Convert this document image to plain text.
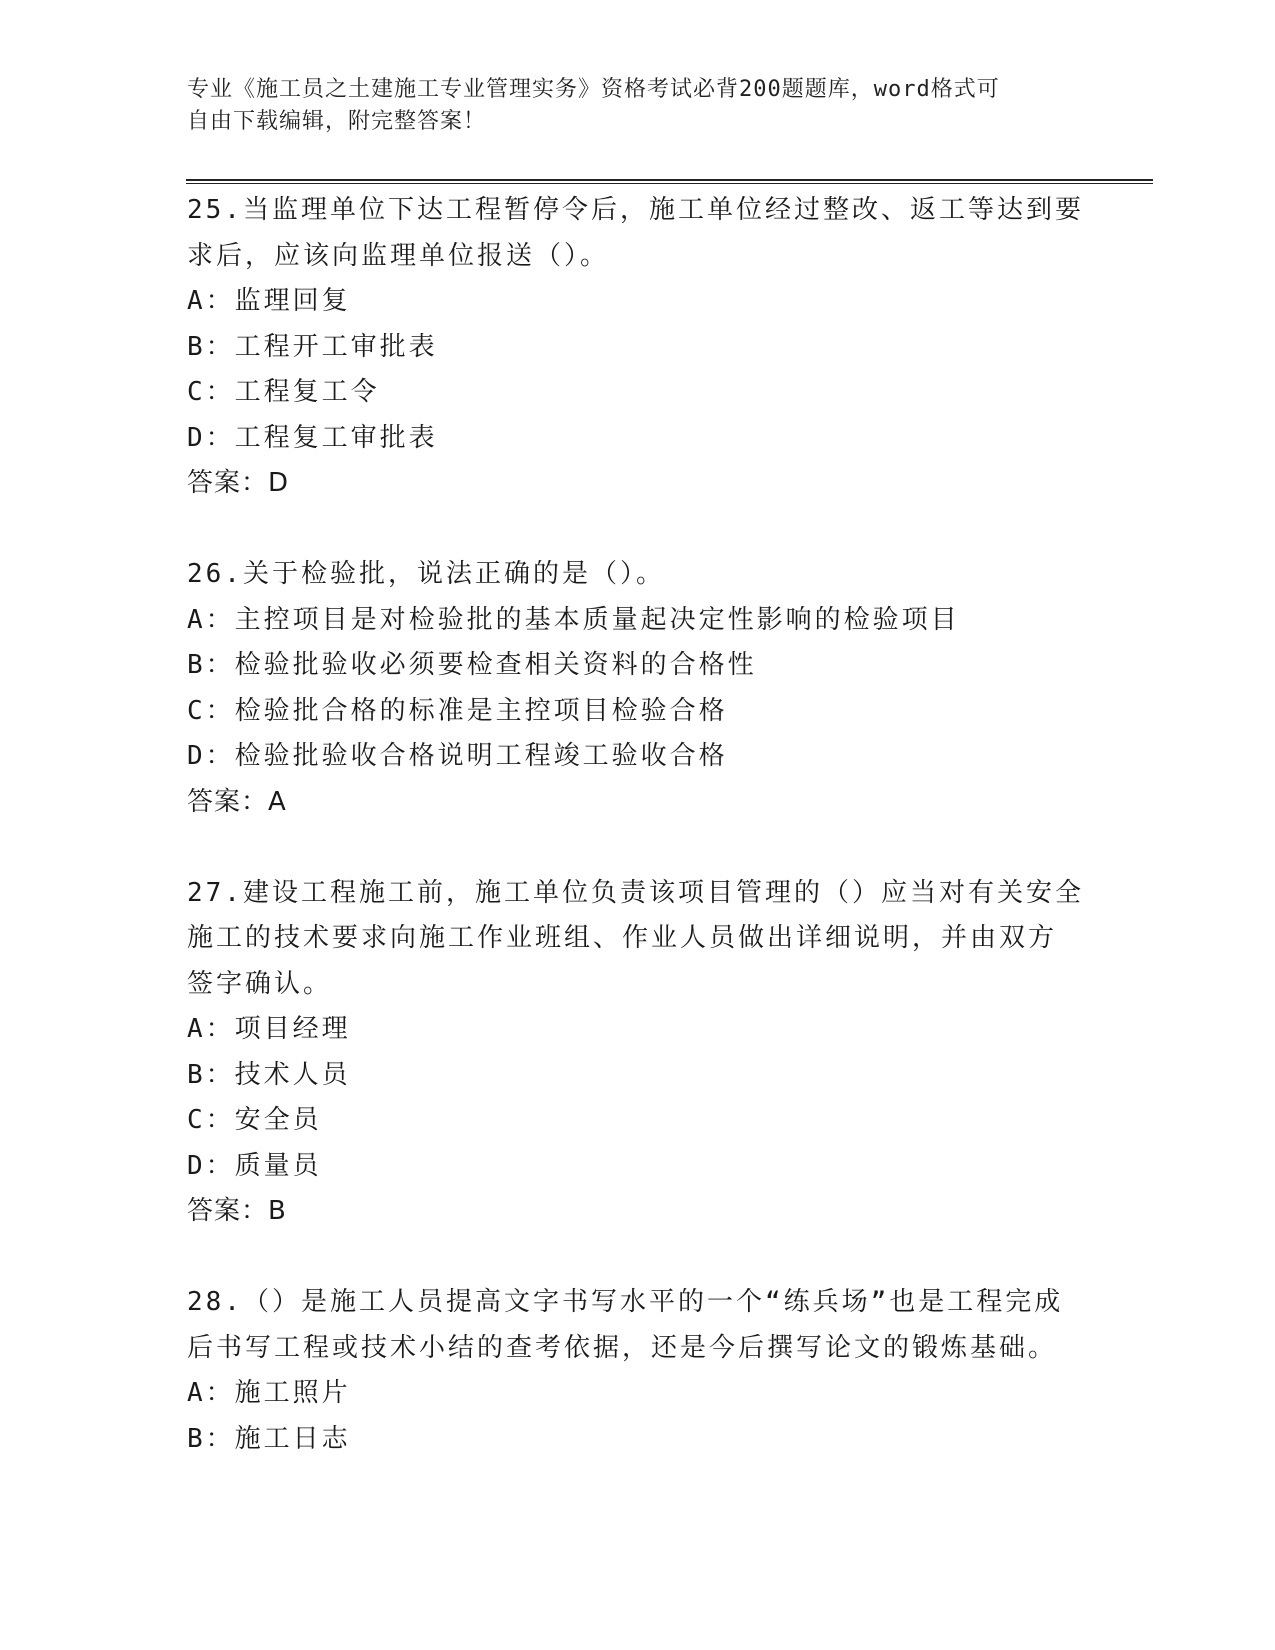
专业《施工员之土建施工专业管理实务》资格考试必背200题题库，word格式可
自由下载编辑，附完整答案！
25.当监理单位下达工程暂停令后，施工单位经过整改、返工等达到要
求后，应该向监理单位报送（）。
A：监理回复
B：工程开工审批表
C：工程复工令
D：工程复工审批表
答案：D
26.关于检验批，说法正确的是（）。
A：主控项目是对检验批的基本质量起决定性影响的检验项目
B：检验批验收必须要检查相关资料的合格性
C：检验批合格的标准是主控项目检验合格
D：检验批验收合格说明工程竣工验收合格
答案：A
27.建设工程施工前，施工单位负责该项目管理的（）应当对有关安全
施工的技术要求向施工作业班组、作业人员做出详细说明，并由双方
签字确认。
A：项目经理
B：技术人员
C：安全员
D：质量员
答案：B
28.（）是施工人员提高文字书写水平的一个“练兵场”也是工程完成
后书写工程或技术小结的查考依据，还是今后撰写论文的锻炼基础。
A：施工照片
B：施工日志
